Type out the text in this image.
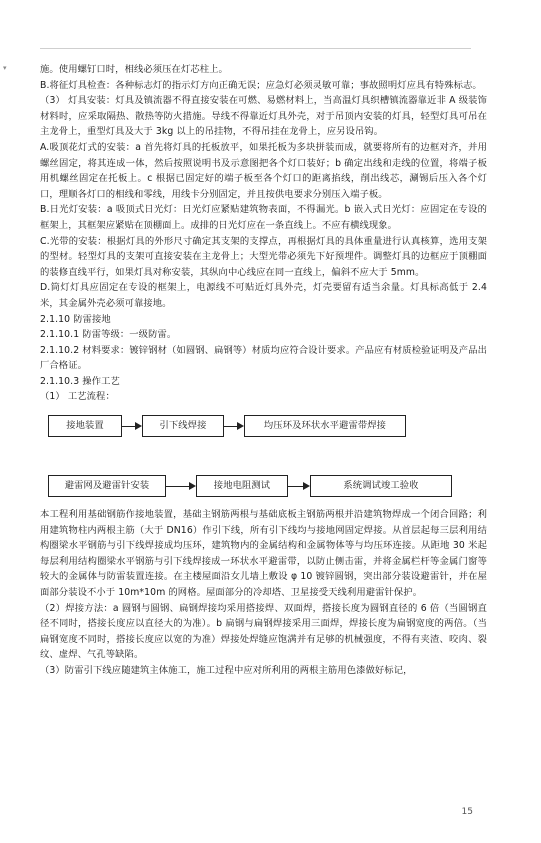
▾	施。使用螺钉口时，相线必须压在灯芯柱上。

B.将征灯具检查：各种标志灯的指示灯方向正确无误；应急灯必须灵敏可靠；事故照明灯应具有特殊标志。

（3） 灯具安装：灯具及镇流器不得直接安装在可燃、易燃材料上，当高温灯具织槽镇流器靠近非 A 级装饰材料时，应采取隔热、散热等防火措施。导线不得靠近灯具外壳，对于吊顶内安装的灯具，轻型灯具可吊在主龙骨上，重型灯具及大于 3kg 以上的吊挂物，不得吊挂在龙骨上，应另设吊钩。

A.吸顶花灯式的安装：a 首先将灯具的托板放平，如果托板为多块拼装而成，就要将所有的边框对齐，并用螺丝固定，将其连成一体，然后按照说明书及示意图把各个灯口装好；b 确定出线和走线的位置，将端子板用机螺丝固定在托板上。c 根据已固定好的端子板至各个灯口的距离掐线，削出线芯，涮锡后压入各个灯口，理顺各灯口的相线和零线，用线卡分别固定，并且按供电要求分别压入端子板。

B.日光灯安装：a 吸顶式日光灯：日光灯应紧贴建筑物表面，不得漏光。b 嵌入式日光灯：应固定在专设的框架上，其框架应紧贴在顶棚面上。成排的日光灯应在一条直线上。不应有横线现象。

C.光带的安装：根据灯具的外形尺寸确定其支架的支撑点，再根据灯具的具体重量进行认真核算，选用支架的型材。轻型灯具的支架可直接安装在主龙骨上；大型光带必须先下好预埋件。调整灯具的边框应于顶棚面的装修直线平行，如果灯具对称安装，其纵向中心线应在同一直线上，偏斜不应大于 5mm。

D.筒灯灯具应固定在专设的框架上，电源线不可贴近灯具外壳，灯壳要留有适当余量。灯具标高低于 2.4 米，其金属外壳必须可靠接地。

2.1.10 防雷接地

2.1.10.1 防雷等级：一级防雷。

2.1.10.2 材料要求：镀锌钢材（如圆钢、扁钢等）材质均应符合设计要求。产品应有材质检验证明及产品出厂合格证。

2.1.10.3 操作工艺

（1） 工艺流程：

接地装置	引下线焊接	均压环及环状水平避雷带焊接
避雷网及避雷针安装	接地电阻测试	系统调试竣工验收

本工程利用基础钢筋作接地装置，基础主钢筋两根与基础底板主钢筋两根并沿建筑物焊成一个闭合回路；利用建筑物柱内两根主筋（大于 DN16）作引下线，所有引下线均与接地网固定焊接。从首层起每三层利用结构圈梁水平钢筋与引下线焊接成均压环，建筑物内的金属结构和金属物体等与均压环连接。从距地 30 米起每层利用结构圈梁水平钢筋与引下线焊接成一环状水平避雷带，以防止侧击雷，并将金属栏杆等金属门窗等较大的金属体与防雷装置连接。在主楼屋面沿女儿墙上敷设 φ 10 镀锌圆钢，突出部分装设避雷针，并在屋面部分装设不小于 10m*10m 的网格。屋面部分的冷却塔、卫星接受天线利用避雷针保护。

（2）焊接方法：a 圆钢与圆钢、扁钢焊接均采用搭接焊、双面焊，搭接长度为圆钢直径的 6 倍（当圆钢直径不同时，搭接长度应以直径大的为准）。b 扁钢与扁钢焊接采用三面焊，焊接长度为扁钢宽度的两倍。（当扁钢宽度不同时，搭接长度应以宽的为准）焊接处焊缝应饱满并有足够的机械强度，不得有夹渣、咬肉、裂纹、虚焊、气孔等缺陷。

（3）防雷引下线应随建筑主体施工，施工过程中应对所利用的两根主筋用色漆做好标记，

15
